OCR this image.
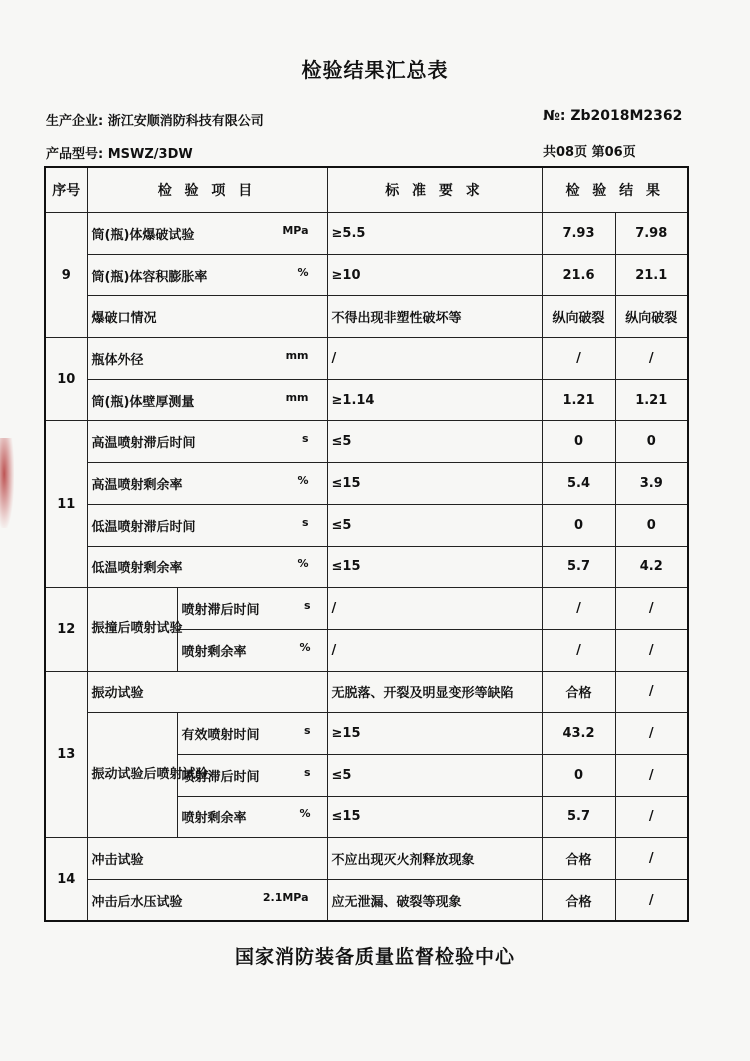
检验结果汇总表
生产企业: 浙江安顺消防科技有限公司	№: Zb2018M2362
产品型号: MSWZ/3DW	共08页 第06页
序号	检 验 项 目		标 准 要 求	检 验 结 果	
9	筒(瓶)体爆破试验 MPa		≥5.5	7.93	7.98
	筒(瓶)体容积膨胀率 %		≥10	21.6	21.1
	爆破口情况		不得出现非塑性破坏等	纵向破裂	纵向破裂
10	瓶体外径 mm		/	/	/
	筒(瓶)体壁厚测量 mm		≥1.14	1.21	1.21
11	高温喷射滞后时间 s		≤5	0	0
	高温喷射剩余率 %		≤15	5.4	3.9
	低温喷射滞后时间 s		≤5	0	0
	低温喷射剩余率 %		≤15	5.7	4.2
12	振撞后喷射试验	喷射滞后时间 s	/	/	/
		喷射剩余率 %	/	/	/
13	振动试验		无脱落、开裂及明显变形等缺陷	合格	/
	振动试验后喷射试验	有效喷射时间 s	≥15	43.2	/
		喷射滞后时间 s	≤5	0	/
		喷射剩余率 %	≤15	5.7	/
14	冲击试验		不应出现灭火剂释放现象	合格	/
	冲击后水压试验 2.1MPa		应无泄漏、破裂等现象	合格	/
国家消防装备质量监督检验中心
